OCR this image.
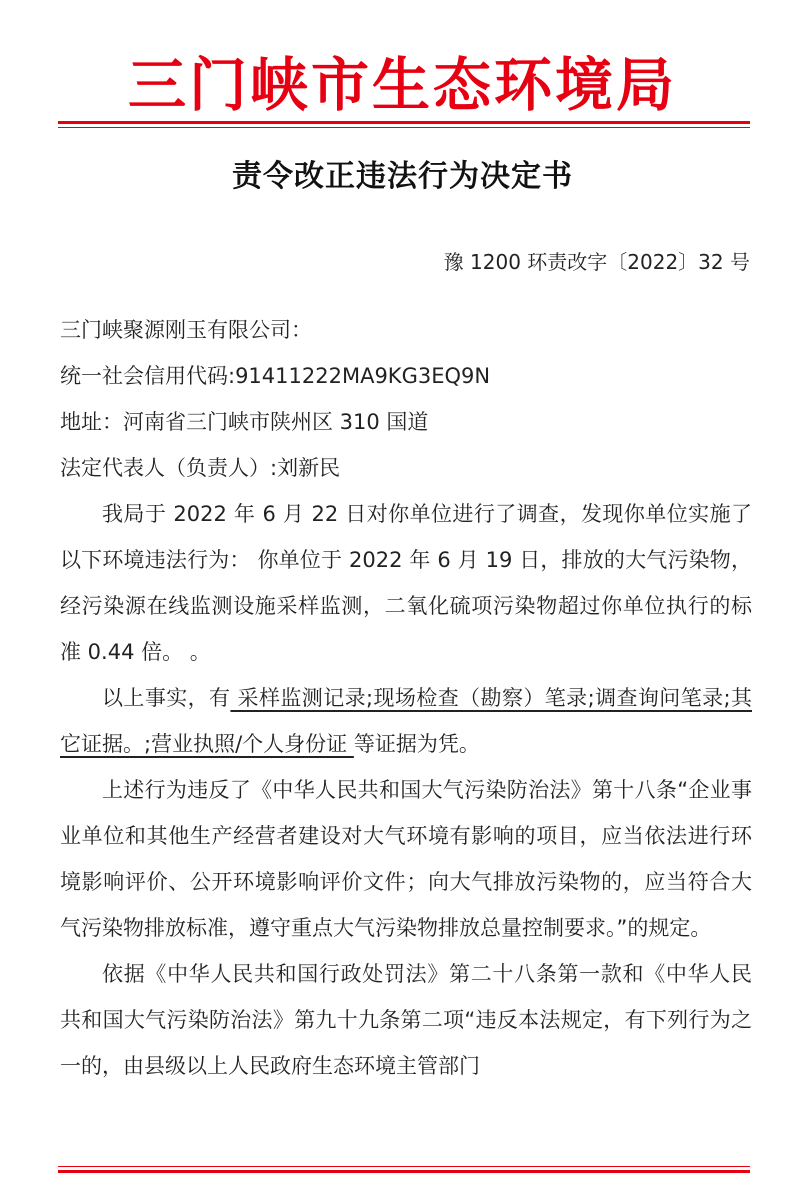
三门峡市生态环境局
责令改正违法行为决定书
豫 1200 环责改字〔2022〕32 号

三门峡聚源刚玉有限公司：

统一社会信用代码:91411222MA9KG3EQ9N

地址：河南省三门峡市陕州区 310 国道

法定代表人（负责人）:刘新民

我局于 2022 年 6 月 22 日对你单位进行了调查，发现你单位实施了以下环境违法行为： 你单位于 2022 年 6 月 19 日，排放的大气污染物，经污染源在线监测设施采样监测，二氧化硫项污染物超过你单位执行的标准 0.44 倍。 。

以上事实，有 采样监测记录;现场检查（勘察）笔录;调查询问笔录;其它证据。;营业执照/个人身份证 等证据为凭。

上述行为违反了《中华人民共和国大气污染防治法》第十八条“企业事业单位和其他生产经营者建设对大气环境有影响的项目，应当依法进行环境影响评价、公开环境影响评价文件；向大气排放污染物的，应当符合大气污染物排放标准，遵守重点大气污染物排放总量控制要求。”的规定。

依据《中华人民共和国行政处罚法》第二十八条第一款和《中华人民共和国大气污染防治法》第九十九条第二项“违反本法规定，有下列行为之一的，由县级以上人民政府生态环境主管部门
